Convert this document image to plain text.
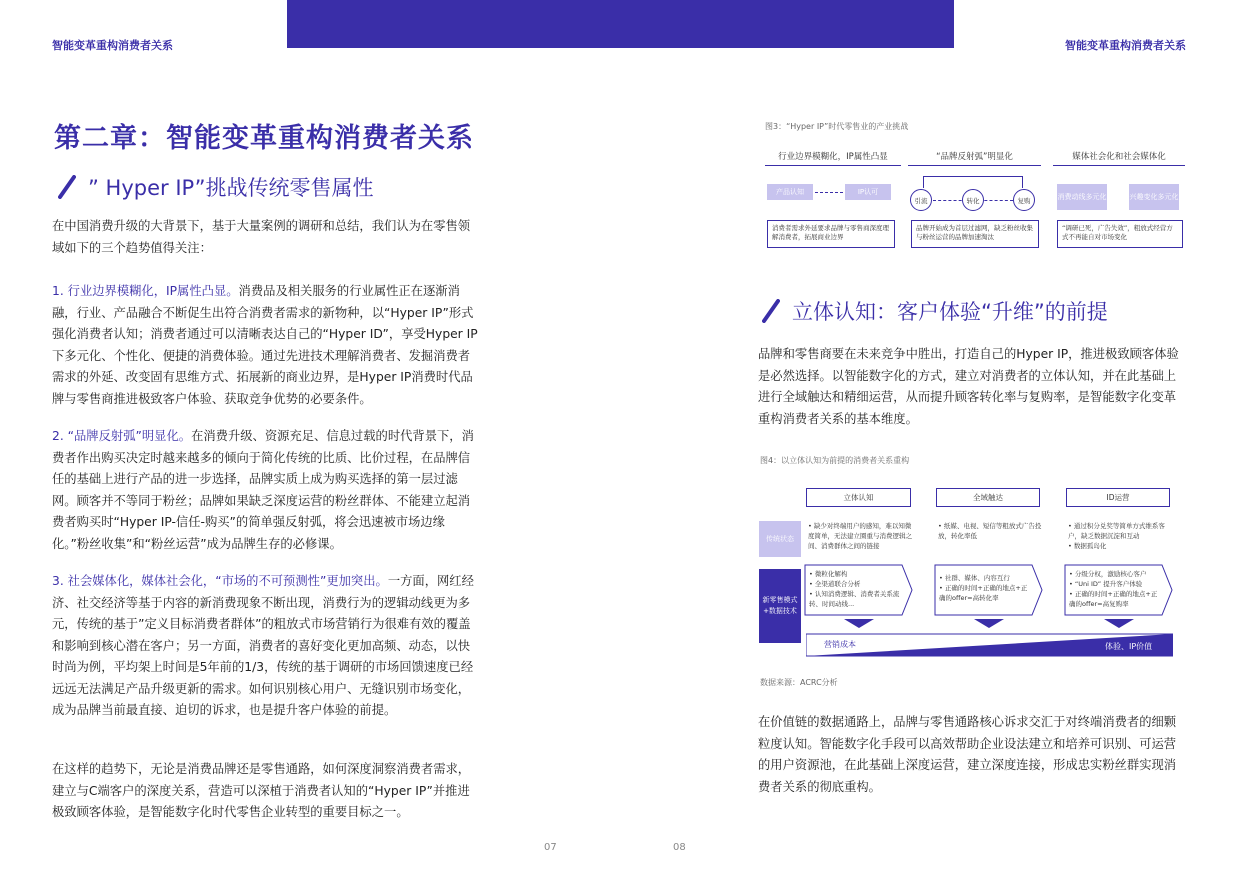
智能变革重构消费者关系	智能变革重构消费者关系
第二章：智能变革重构消费者关系
” Hyper IP”挑战传统零售属性

在中国消费升级的大背景下，基于大量案例的调研和总结，我们认为在零售领域如下的三个趋势值得关注：

1. 行业边界模糊化，IP属性凸显。消费品及相关服务的行业属性正在逐渐消融，行业、产品融合不断促生出符合消费者需求的新物种，以“Hyper IP”形式强化消费者认知；消费者通过可以清晰表达自己的“Hyper ID”，享受Hyper IP下多元化、个性化、便捷的消费体验。通过先进技术理解消费者、发掘消费者需求的外延、改变固有思维方式、拓展新的商业边界，是Hyper IP消费时代品牌与零售商推进极致客户体验、获取竞争优势的必要条件。

2. “品牌反射弧”明显化。在消费升级、资源充足、信息过载的时代背景下，消费者作出购买决定时越来越多的倾向于简化传统的比质、比价过程，在品牌信任的基础上进行产品的进一步选择，品牌实质上成为购买选择的第一层过滤网。顾客并不等同于粉丝；品牌如果缺乏深度运营的粉丝群体、不能建立起消费者购买时“Hyper IP-信任-购买”的简单强反射弧，将会迅速被市场边缘化。”粉丝收集”和“粉丝运营”成为品牌生存的必修课。

3. 社会媒体化，媒体社会化，“市场的不可预测性”更加突出。一方面，网红经济、社交经济等基于内容的新消费现象不断出现，消费行为的逻辑动线更为多元，传统的基于”定义目标消费者群体”的粗放式市场营销行为很难有效的覆盖和影响到核心潜在客户；另一方面，消费者的喜好变化更加高频、动态，以快时尚为例，平均架上时间是5年前的1/3，传统的基于调研的市场回馈速度已经远远无法满足产品升级更新的需求。如何识别核心用户、无缝识别市场变化，成为品牌当前最直接、迫切的诉求，也是提升客户体验的前提。

在这样的趋势下，无论是消费品牌还是零售通路，如何深度洞察消费者需求，建立与C端客户的深度关系，营造可以深植于消费者认知的“Hyper IP”并推进极致顾客体验，是智能数字化时代零售企业转型的重要目标之一。

图3：“Hyper IP”时代零售业的产业挑战
行业边界模糊化，IP属性凸显
产品认知	IP认可
消费者需求外延要求品牌与零售商深度理解消费者，拓展商业边界
“品牌反射弧”明显化
引流	转化	复购
品牌开始成为首层过滤网，缺乏粉丝收集与粉丝运营的品牌加速淘汰
媒体社会化和社会媒体化
消费动线多元化	兴趣变化多元化
“调研已死，广告失效”，粗放式经营方式不再能自对市场变化
立体认知：客户体验“升维”的前提

品牌和零售商要在未来竞争中胜出，打造自己的Hyper IP，推进极致顾客体验是必然选择。以智能数字化的方式，建立对消费者的立体认知，并在此基础上进行全域触达和精细运营，从而提升顾客转化率与复购率，是智能数字化变革重构消费者关系的基本维度。

图4：以立体认知为前提的消费者关系重构
立体认知	全域触达	ID运营
传统状态
新零售模式+数据技术
• 缺少对终端用户的感知，难以知微度简单，无法建立圈重与消费逻辑之间、消费群体之间的链接
• 纸媒、电视、短信等粗放式广告投放，转化率低
• 通过积分兑奖等简单方式维系客户，缺乏数据沉淀和互动
• 数据孤岛化
• 微粒化解构
• 全渠道联合分析
• 认知消费逻辑、消费者关系流转、时间动线...
• 社群、媒体、内容互行
• 正确的时间+正确的地点+正确的offer=高转化率
• 分级分权，激励核心客户
• “Uni ID” 提升客户体验
• 正确的时间+正确的地点+正确的offer=高复购率
营销成本	体验、IP价值
数据来源：ACRC分析

在价值链的数据通路上，品牌与零售通路核心诉求交汇于对终端消费者的细颗粒度认知。智能数字化手段可以高效帮助企业设法建立和培养可识别、可运营的用户资源池，在此基础上深度运营，建立深度连接，形成忠实粉丝群实现消费者关系的彻底重构。

07	08
